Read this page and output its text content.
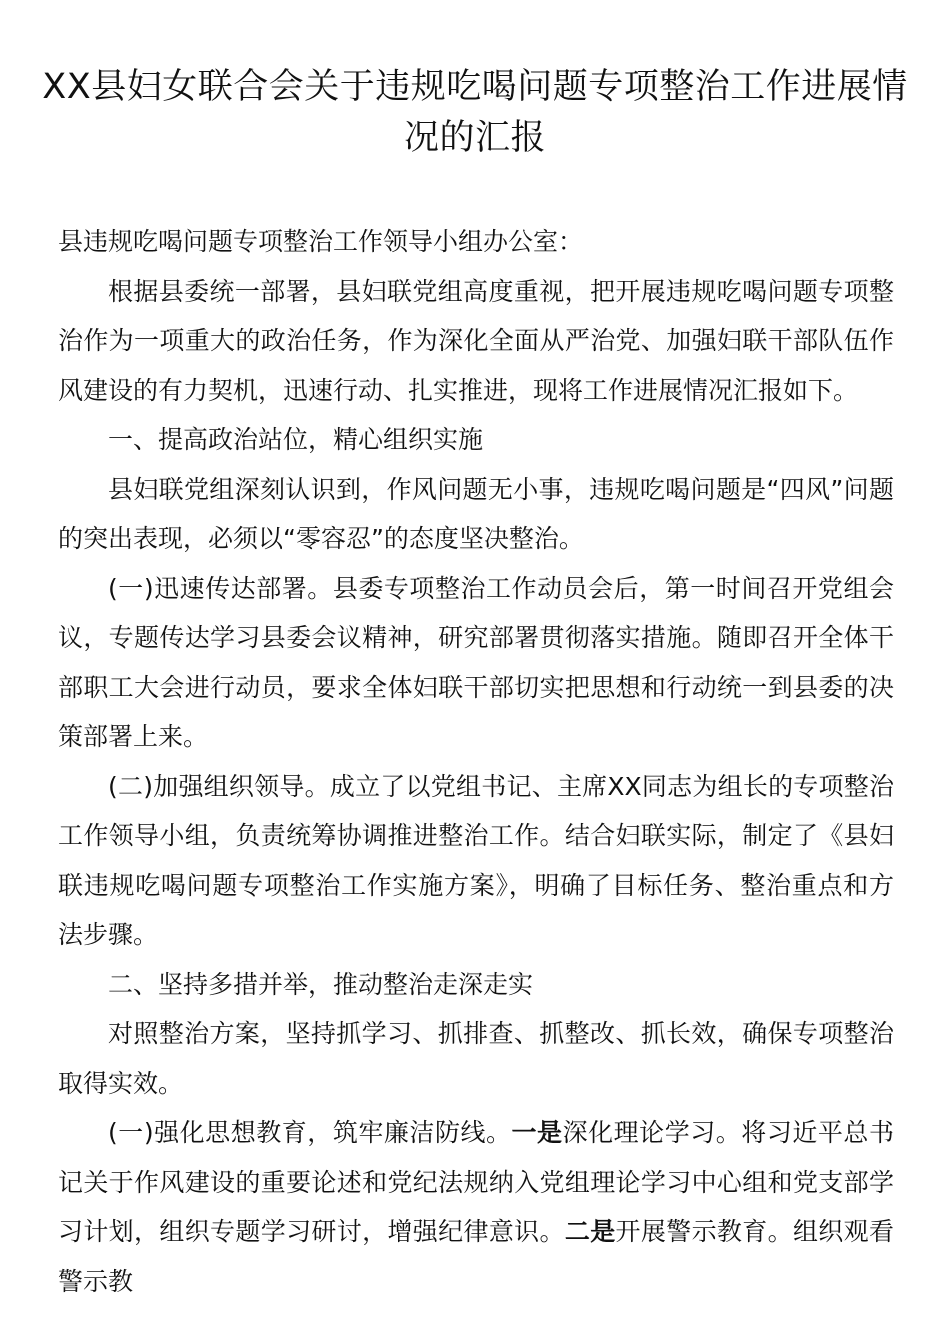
XX县妇女联合会关于违规吃喝问题专项整治工作进展情况的汇报

县违规吃喝问题专项整治工作领导小组办公室：

根据县委统一部署，县妇联党组高度重视，把开展违规吃喝问题专项整治作为一项重大的政治任务，作为深化全面从严治党、加强妇联干部队伍作风建设的有力契机，迅速行动、扎实推进，现将工作进展情况汇报如下。

一、提高政治站位，精心组织实施

县妇联党组深刻认识到，作风问题无小事，违规吃喝问题是“四风”问题的突出表现，必须以“零容忍”的态度坚决整治。

(一)迅速传达部署。县委专项整治工作动员会后，第一时间召开党组会议，专题传达学习县委会议精神，研究部署贯彻落实措施。随即召开全体干部职工大会进行动员，要求全体妇联干部切实把思想和行动统一到县委的决策部署上来。

(二)加强组织领导。成立了以党组书记、主席XX同志为组长的专项整治工作领导小组，负责统筹协调推进整治工作。结合妇联实际，制定了《县妇联违规吃喝问题专项整治工作实施方案》，明确了目标任务、整治重点和方法步骤。

二、坚持多措并举，推动整治走深走实

对照整治方案，坚持抓学习、抓排查、抓整改、抓长效，确保专项整治取得实效。

(一)强化思想教育，筑牢廉洁防线。一是深化理论学习。将习近平总书记关于作风建设的重要论述和党纪法规纳入党组理论学习中心组和党支部学习计划，组织专题学习研讨，增强纪律意识。二是开展警示教育。组织观看警示教
